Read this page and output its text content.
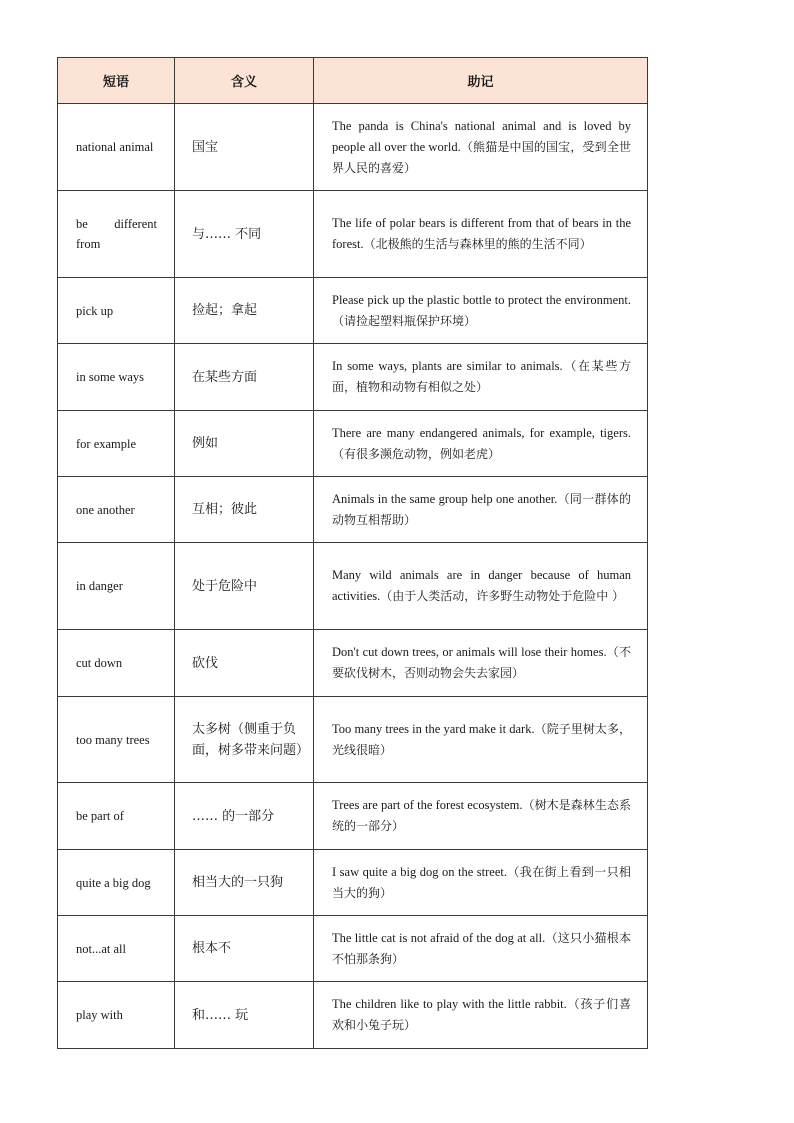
短语	含义	助记
national animal	国宝	The panda is China's national animal and is loved by people all over the world.（熊猫是中国的国宝，受到全世界人民的喜爱）
be different from	与…… 不同	The life of polar bears is different from that of bears in the forest.（北极熊的生活与森林里的熊的生活不同）
pick up	捡起；拿起	Please pick up the plastic bottle to protect the environment.（请捡起塑料瓶保护环境）
in some ways	在某些方面	In some ways, plants are similar to animals.（在某些方面，植物和动物有相似之处）
for example	例如	There are many endangered animals, for example, tigers.（有很多濒危动物，例如老虎）
one another	互相；彼此	Animals in the same group help one another.（同一群体的动物互相帮助）
in danger	处于危险中	Many wild animals are in danger because of human activities.（由于人类活动，许多野生动物处于危险中 ）
cut down	砍伐	Don't cut down trees, or animals will lose their homes.（不要砍伐树木，否则动物会失去家园）
too many trees	太多树（侧重于负面，树多带来问题）	Too many trees in the yard make it dark.（院子里树太多，光线很暗）
be part of	…… 的一部分	Trees are part of the forest ecosystem.（树木是森林生态系统的一部分）
quite a big dog	相当大的一只狗	I saw quite a big dog on the street.（我在街上看到一只相当大的狗）
not...at all	根本不	The little cat is not afraid of the dog at all.（这只小猫根本不怕那条狗）
play with	和…… 玩	The children like to play with the little rabbit.（孩子们喜欢和小兔子玩）
